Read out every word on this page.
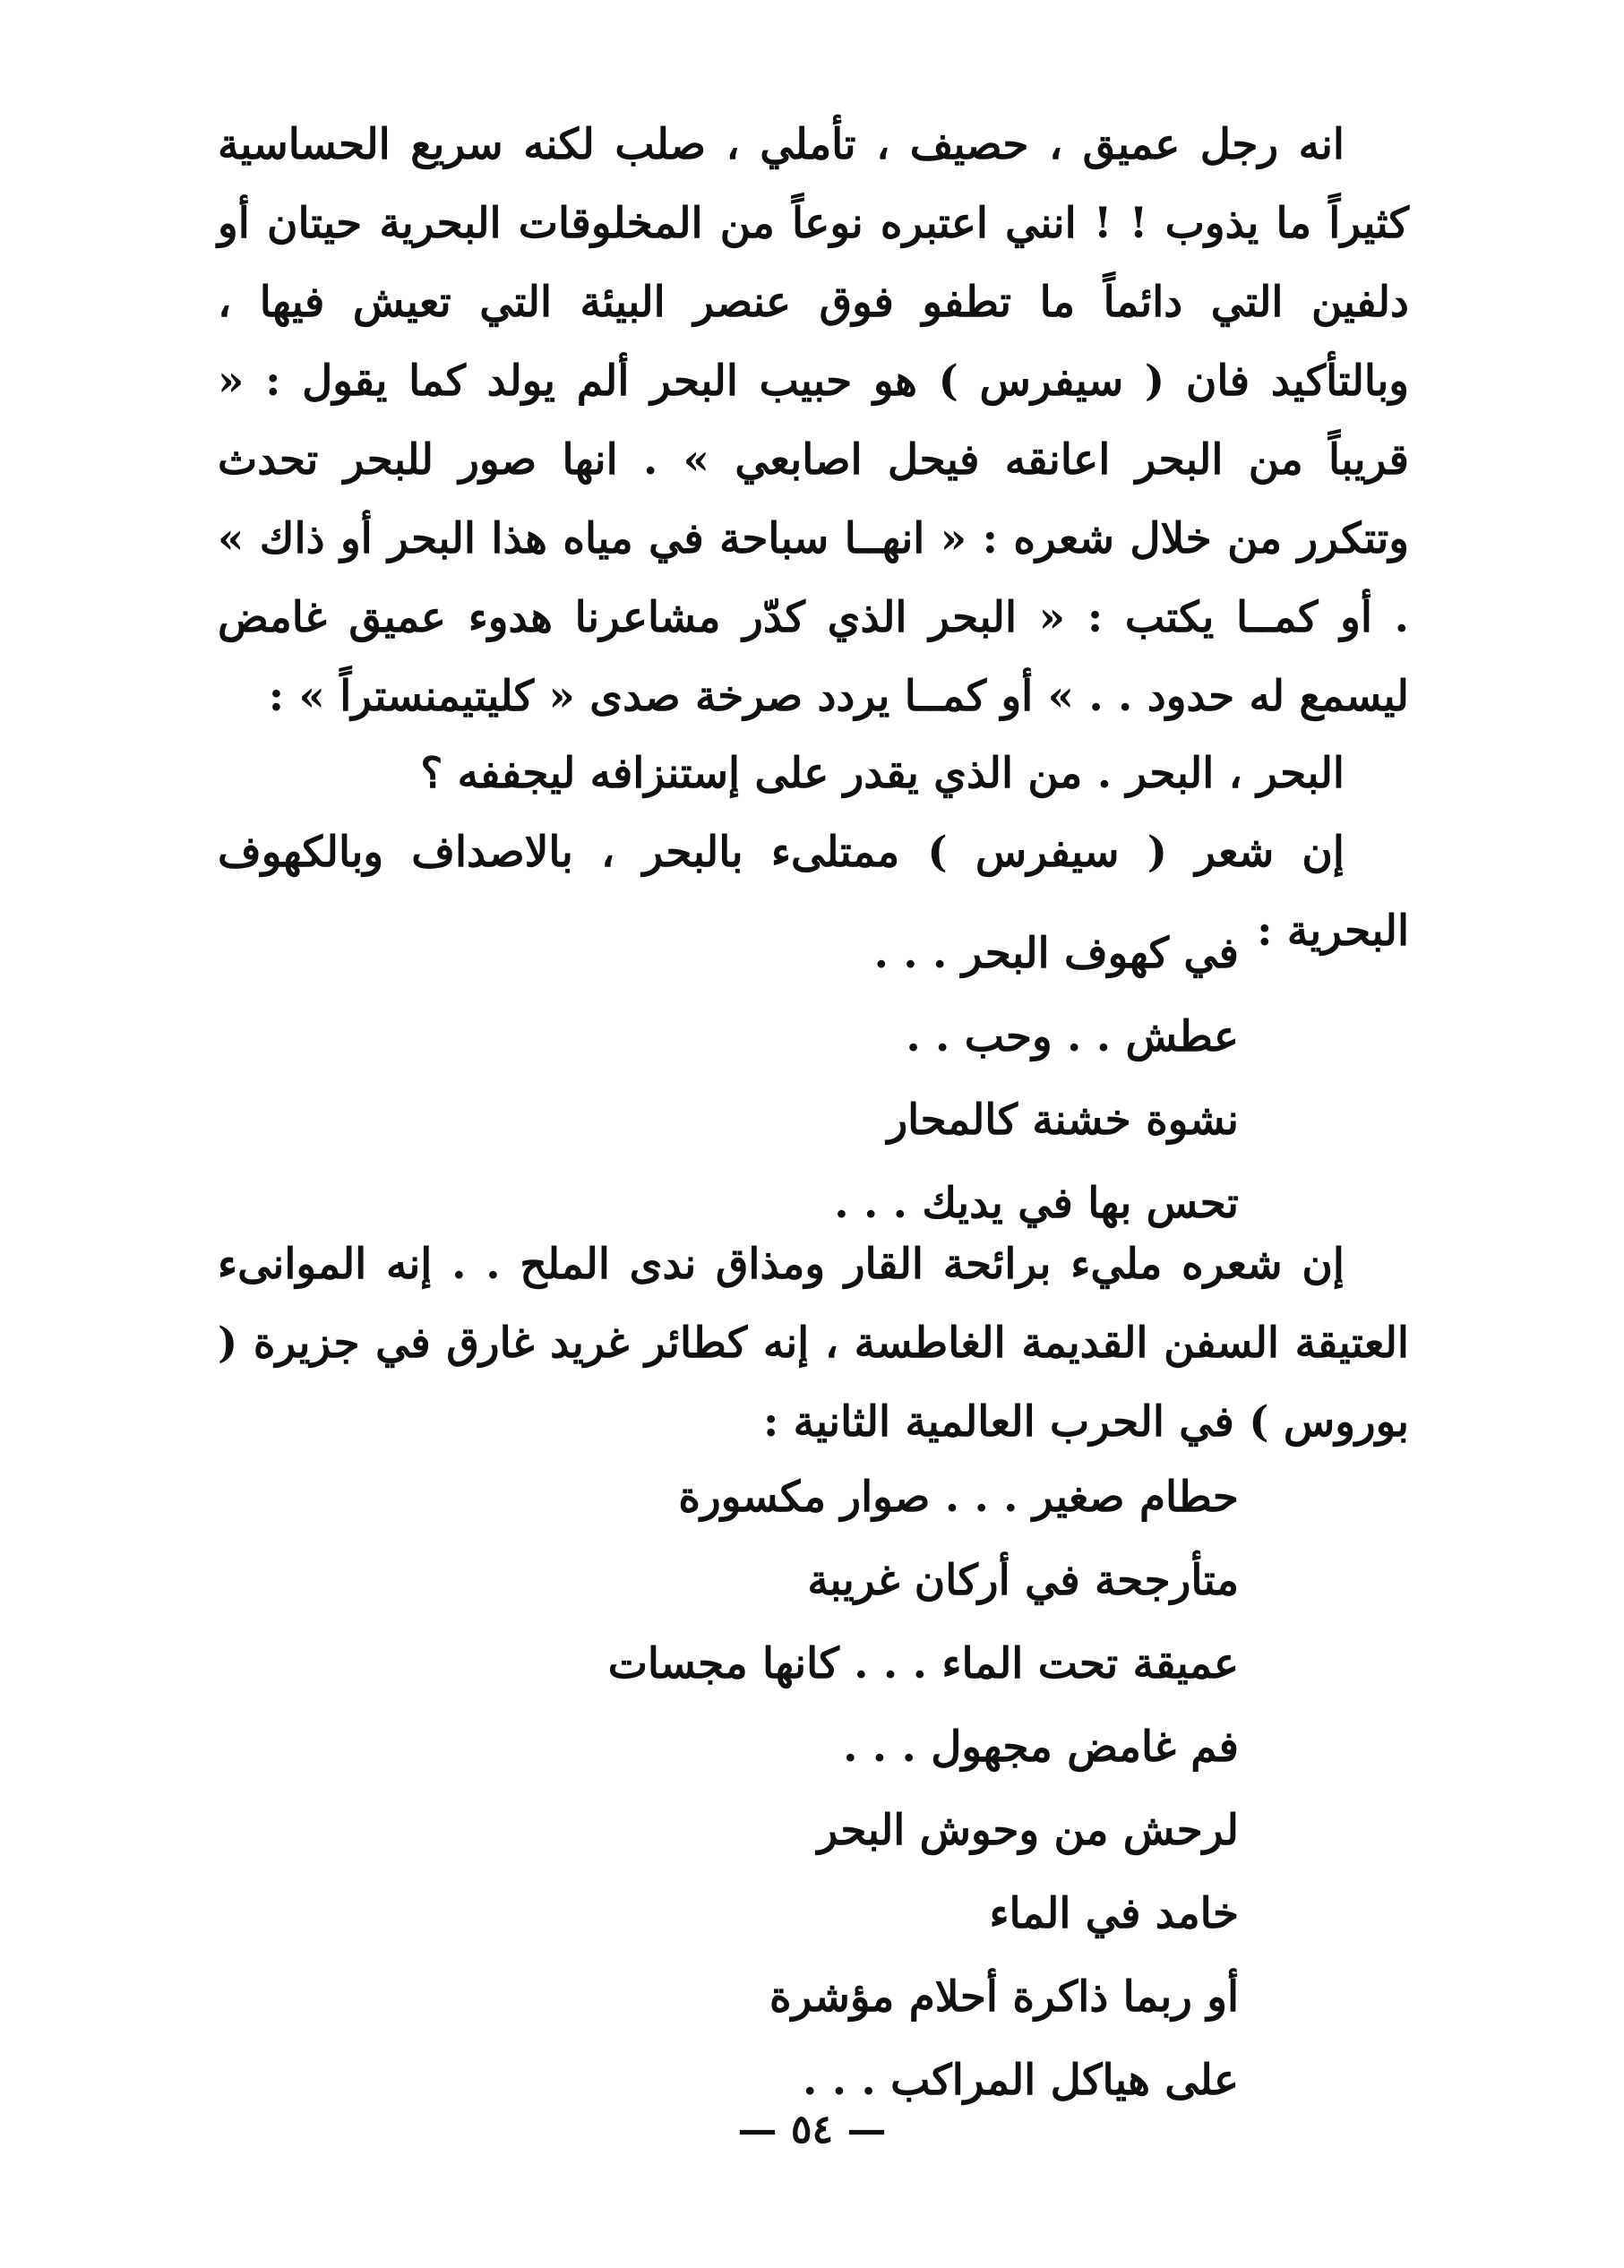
انه رجل عميق ، حصيف ، تأملي ، صلب لكنه سريع الحساسية كثيراً ما يذوب ! ! انني اعتبره نوعاً من المخلوقات البحرية حيتان أو دلفين التي دائماً ما تطفو فوق عنصر البيئة التي تعيش فيها ، وبالتأكيد فان ( سيفرس ) هو حبيب البحر ألم يولد كما يقول : « قريباً من البحر اعانقه فيحل اصابعي » . انها صور للبحر تحدث وتتكرر من خلال شعره : « انهــا سباحة في مياه هذا البحر أو ذاك » . أو كمــا يكتب : « البحر الذي كدّر مشاعرنا هدوء عميق غامض ليسمع له حدود . . » أو كمــا يردد صرخة صدى « كليتيمنستراً » :

البحر ، البحر . من الذي يقدر على إستنزافه ليجففه ؟

إن شعر ( سيفرس ) ممتلىء بالبحر ، بالاصداف وبالكهوف البحرية :

في كهوف البحر . . .
عطش . . وحب . .
نشوة خشنة كالمحار
تحس بها في يديك . . .

إن شعره مليء برائحة القار ومذاق ندى الملح . . إنه الموانىء العتيقة السفن القديمة الغاطسة ، إنه كطائر غريد غارق في جزيرة ( بوروس ) في الحرب العالمية الثانية :

حطام صغير . . . صوار مكسورة
متأرجحة في أركان غريبة
عميقة تحت الماء . . . كانها مجسات
فم غامض مجهول . . .
لرحش من وحوش البحر
خامد في الماء
أو ربما ذاكرة أحلام مؤشرة
على هياكل المراكب . . .
— ٥٤ —
